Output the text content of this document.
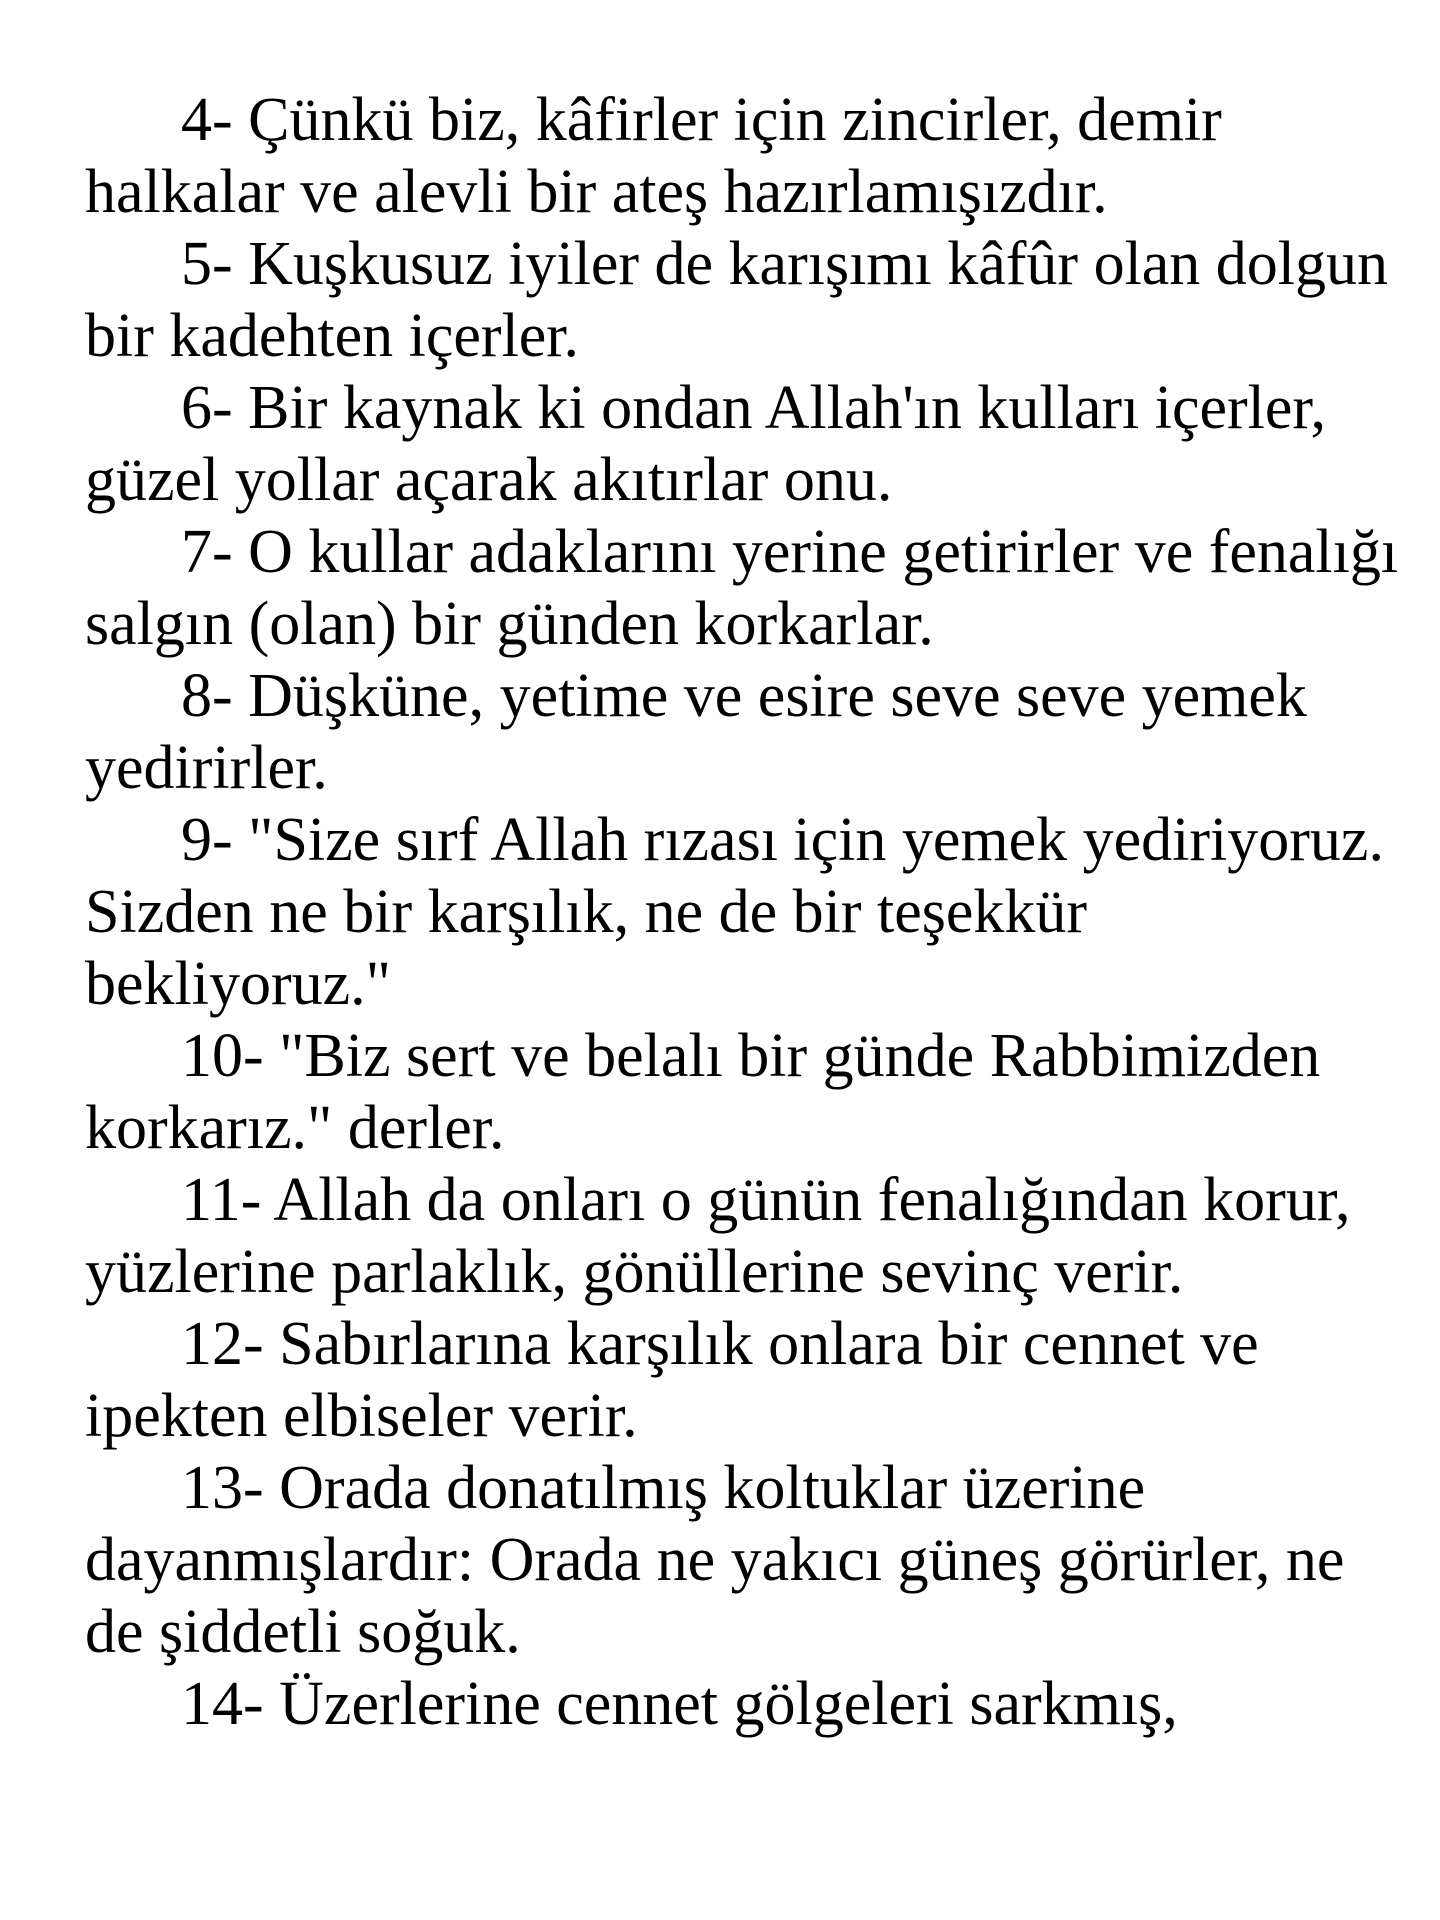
4- Çünkü biz, kâfirler için zincirler, demir halkalar ve alevli bir ateş hazırlamışızdır.

5- Kuşkusuz iyiler de karışımı kâfûr olan dolgun bir kadehten içerler.

6- Bir kaynak ki ondan Allah'ın kulları içerler, güzel yollar açarak akıtırlar onu.

7- O kullar adaklarını yerine getirirler ve fenalığı salgın (olan) bir günden korkarlar.

8- Düşküne, yetime ve esire seve seve yemek yedirirler.

9- "Size sırf Allah rızası için yemek yediriyoruz. Sizden ne bir karşılık, ne de bir teşekkür bekliyoruz."

10- "Biz sert ve belalı bir günde Rabbimizden korkarız." derler.

11- Allah da onları o günün fenalığından korur, yüzlerine parlaklık, gönüllerine sevinç verir.

12- Sabırlarına karşılık onlara bir cennet ve ipekten elbiseler verir.

13- Orada donatılmış koltuklar üzerine dayanmışlardır: Orada ne yakıcı güneş görürler, ne de şiddetli soğuk.

14- Üzerlerine cennet gölgeleri sarkmış,
